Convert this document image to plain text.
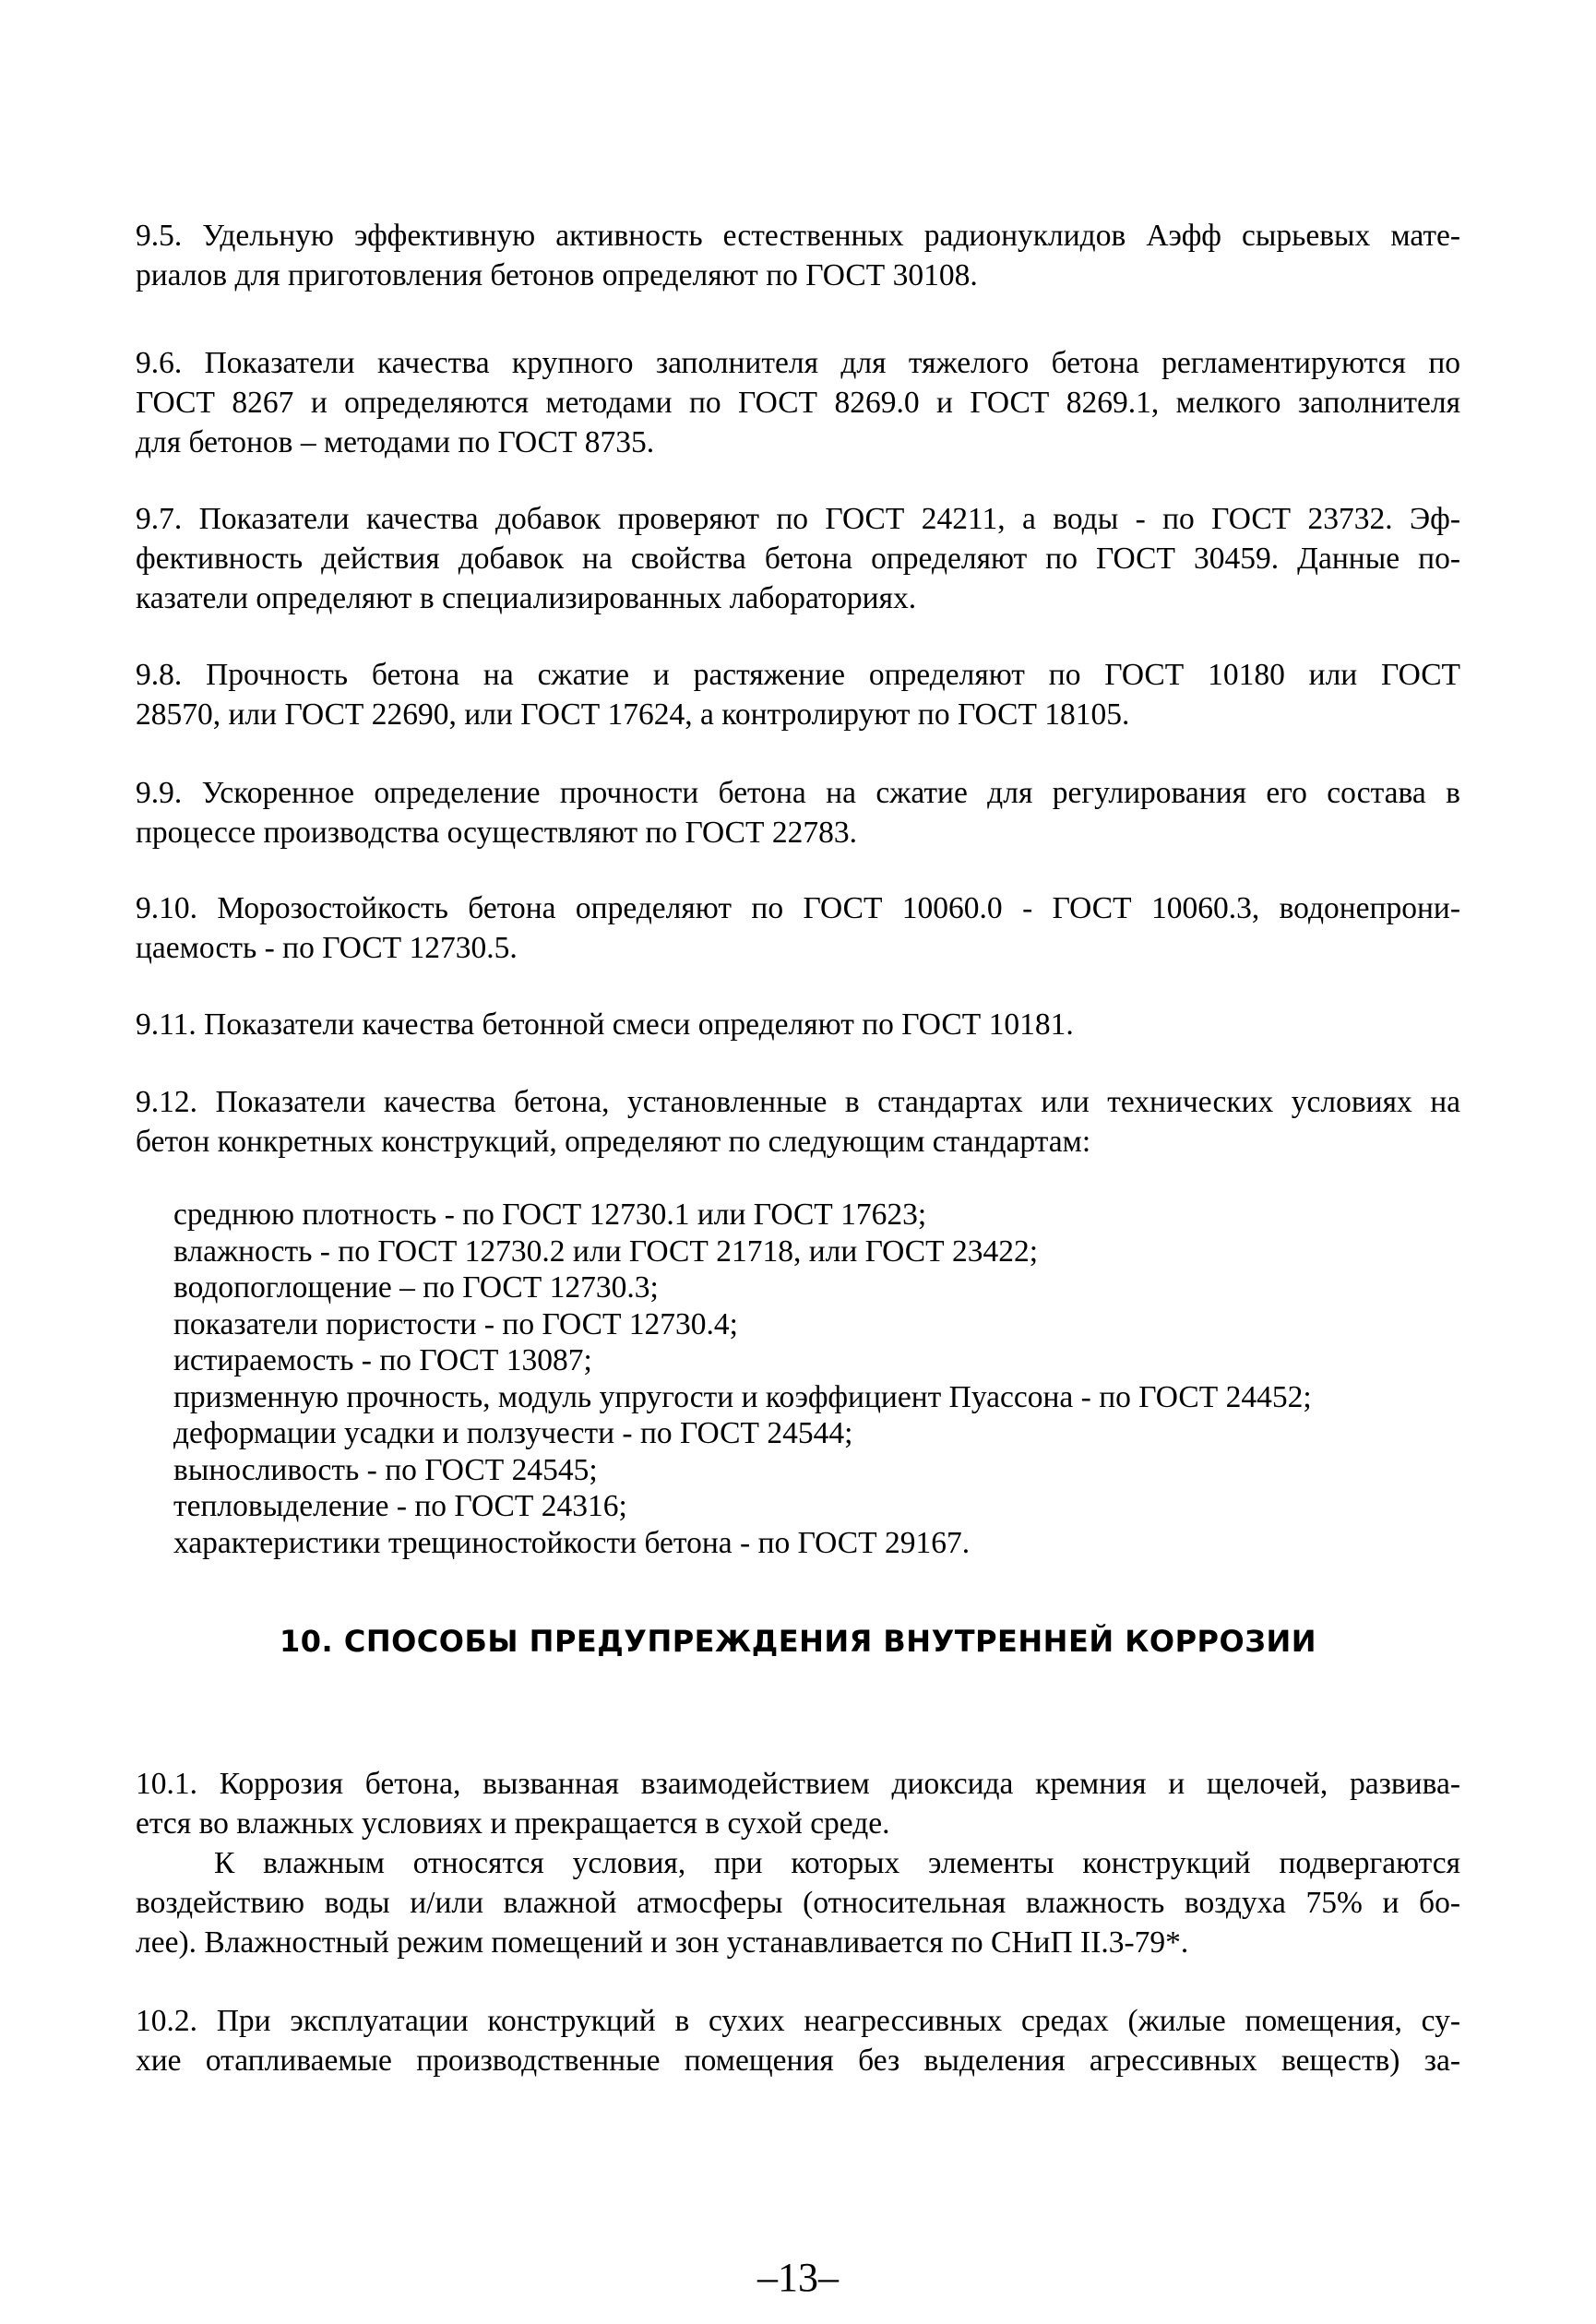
9.5. Удельную эффективную активность естественных радионуклидов Аэфф сырьевых мате-
риалов для приготовления бетонов определяют по ГОСТ 30108.

9.6. Показатели качества крупного заполнителя для тяжелого бетона регламентируются по
ГОСТ 8267 и определяются методами по ГОСТ 8269.0 и ГОСТ 8269.1, мелкого заполнителя
для бетонов – методами по ГОСТ 8735.

9.7. Показатели качества добавок проверяют по ГОСТ 24211, а воды - по ГОСТ 23732. Эф-
фективность действия добавок на свойства бетона определяют по ГОСТ 30459. Данные по-
казатели определяют в специализированных лабораториях.

9.8. Прочность бетона на сжатие и растяжение определяют по ГОСТ 10180 или ГОСТ
28570, или ГОСТ 22690, или ГОСТ 17624, а контролируют по ГОСТ 18105.

9.9. Ускоренное определение прочности бетона на сжатие для регулирования его состава в
процессе производства осуществляют по ГОСТ 22783.

9.10. Морозостойкость бетона определяют по ГОСТ 10060.0 - ГОСТ 10060.3, водонепрони-
цаемость - по ГОСТ 12730.5.

9.11. Показатели качества бетонной смеси определяют по ГОСТ 10181.

9.12. Показатели качества бетона, установленные в стандартах или технических условиях на
бетон конкретных конструкций, определяют по следующим стандартам:

среднюю плотность - по ГОСТ 12730.1 или ГОСТ 17623;
влажность - по ГОСТ 12730.2 или ГОСТ 21718, или ГОСТ 23422;
водопоглощение – по ГОСТ 12730.3;
показатели пористости - по ГОСТ 12730.4;
истираемость - по ГОСТ 13087;
призменную прочность, модуль упругости и коэффициент Пуассона - по ГОСТ 24452;
деформации усадки и ползучести - по ГОСТ 24544;
выносливость - по ГОСТ 24545;
тепловыделение - по ГОСТ 24316;
характеристики трещиностойкости бетона - по ГОСТ 29167.
10. СПОСОБЫ ПРЕДУПРЕЖДЕНИЯ ВНУТРЕННЕЙ КОРРОЗИИ

10.1. Коррозия бетона, вызванная взаимодействием диоксида кремния и щелочей, развива-
ется во влажных условиях и прекращается в сухой среде.
К влажным относятся условия, при которых элементы конструкций подвергаются
воздействию воды и/или влажной атмосферы (относительная влажность воздуха 75% и бо-
лее). Влажностный режим помещений и зон устанавливается по СНиП II.3-79*.

10.2. При эксплуатации конструкций в сухих неагрессивных средах (жилые помещения, су-
хие отапливаемые производственные помещения без выделения агрессивных веществ) за-

–13–
